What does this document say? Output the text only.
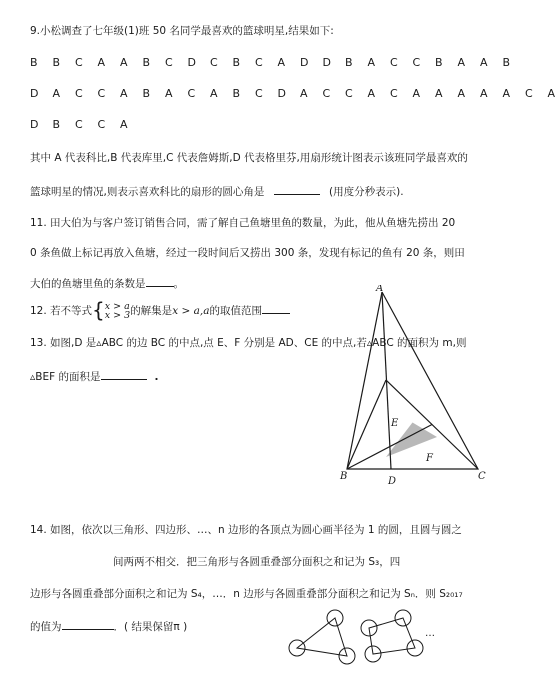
9.小松调查了七年级(1)班 50 名同学最喜欢的篮球明星,结果如下:
B B C A A B C D C B C A D D B A C C B A A B
D A C C A B A C A B C D A C C A C A A A A A C A
D B C C A
其中 A 代表科比,B 代表库里,C 代表詹姆斯,D 代表格里芬,用扇形统计图表示该班同学最喜欢的
篮球明星的情况,则表示喜欢科比的扇形的圆心角是	(用度分秒表示).
11. 田大伯为与客户签订销售合同，需了解自己鱼塘里鱼的数量，为此，他从鱼塘先捞出 20
0 条鱼做上标记再放入鱼塘，经过一段时间后又捞出 300 条，发现有标记的鱼有 20 条，则田
大伯的鱼塘里鱼的条数是	。
12. 若不等式{x > a
x > 3的解集是x > a,a的取值范围
13. 如图,D 是▵ABC 的边 BC 的中点,点 E、F 分别是 AD、CE 的中点,若▵ABC 的面积为 m,则
▵BEF 的面积是	.
A
B	C
D
E
F
14. 如图，依次以三角形、四边形、…、n 边形的各顶点为圆心画半径为 1 的圆，且圆与圆之
间两两不相交．把三角形与各圆重叠部分面积之和记为 S₃，四
边形与各圆重叠部分面积之和记为 S₄，…．n 边形与各圆重叠部分面积之和记为 Sₙ．则 S₂₀₁₇
的值为	．( 结果保留π )
…
